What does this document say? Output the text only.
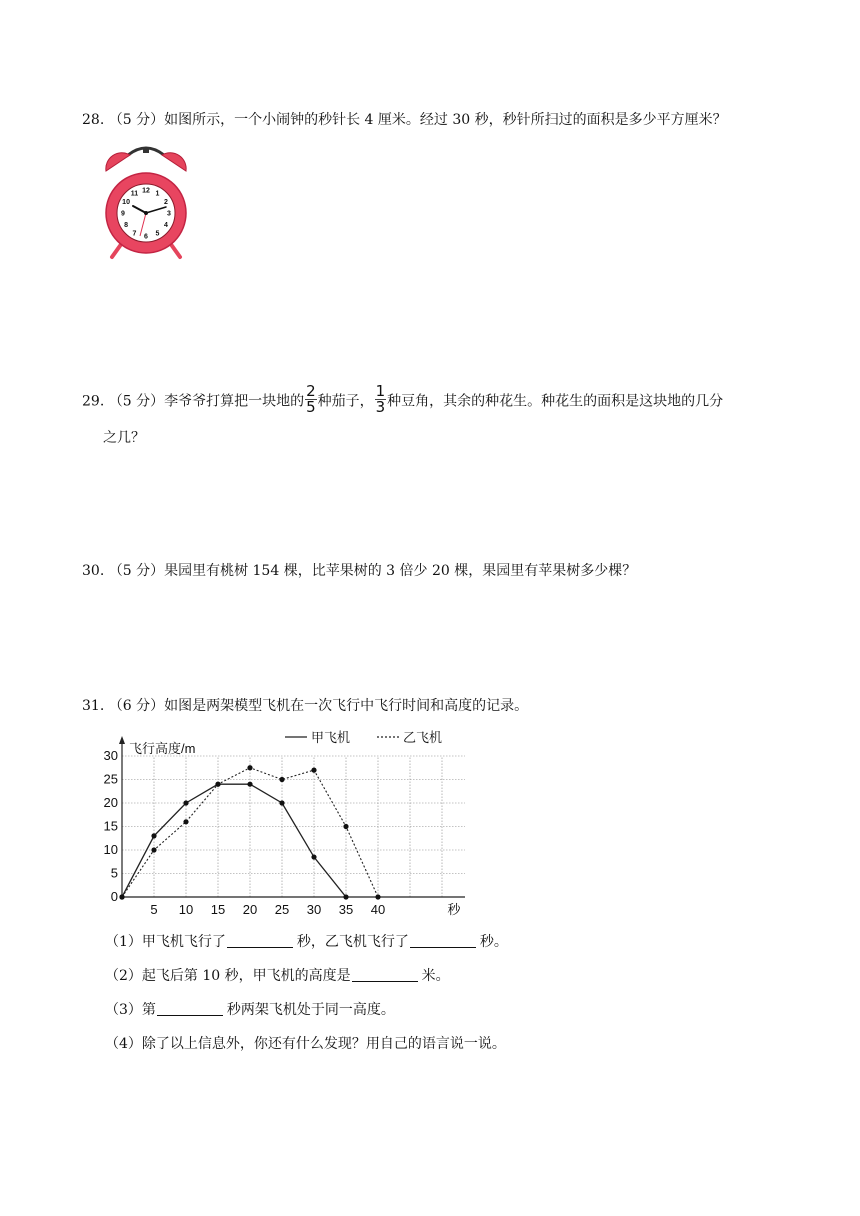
28. （5 分）如图所示，一个小闹钟的秒针长 4 厘米。经过 30 秒，秒针所扫过的面积是多少平方厘米？
12 1
2
3
4
5
6
7
8
9
10
11
29. （5 分）李爷爷打算把一块地的 $\frac{2}{5}$ 种茄子， $\frac{1}{3}$ 种豆角，其余的种花生。种花生的面积是这块地的几分
之几？
30. （5 分）果园里有桃树 154 棵，比苹果树的 3 倍少 20 棵，果园里有苹果树多少棵？
31. （6 分）如图是两架模型飞机在一次飞行中飞行时间和高度的记录。
5 10 15 20 25 30 35 40
0
5
10
15
20
25
30
秒
飞行高度/m
甲飞机	乙飞机
（1）甲飞机飞行了	秒，乙飞机飞行了	秒。
（2）起飞后第 10 秒，甲飞机的高度是	米。
（3）第	秒两架飞机处于同一高度。
（4）除了以上信息外，你还有什么发现？用自己的语言说一说。
